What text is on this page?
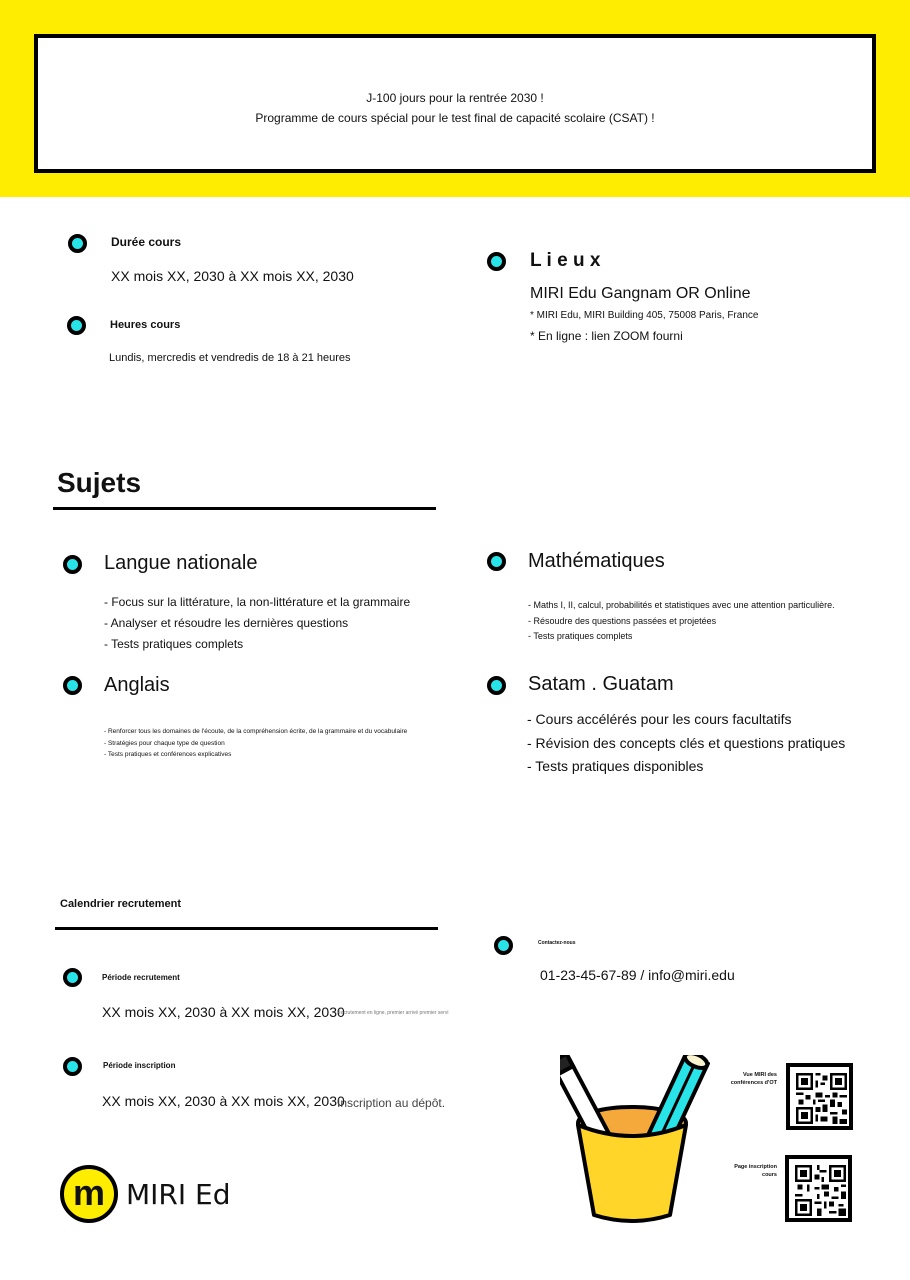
J-100 jours pour la rentrée 2030 !
Programme de cours spécial pour le test final de capacité scolaire (CSAT) !
Durée cours
XX mois XX, 2030 à XX mois XX, 2030
Heures cours
Lundis, mercredis et vendredis de 18 à 21 heures
L i e u x
MIRI Edu Gangnam OR Online
* MIRI Edu, MIRI Building 405, 75008 Paris, France
* En ligne : lien ZOOM fourni
Sujets
Langue nationale
- Focus sur la littérature, la non-littérature et la grammaire
- Analyser et résoudre les dernières questions
- Tests pratiques complets
Mathématiques
- Maths I, II, calcul, probabilités et statistiques avec une attention particulière.
- Résoudre des questions passées et projetées
- Tests pratiques complets
Anglais
- Renforcer tous les domaines de l'écoute, de la compréhension écrite, de la grammaire et du vocabulaire
- Stratégies pour chaque type de question
- Tests pratiques et conférences explicatives
Satam . Guatam
- Cours accélérés pour les cours facultatifs
- Révision des concepts clés et questions pratiques
- Tests pratiques disponibles
Calendrier recrutement
Période recrutement
XX mois XX, 2030 à XX mois XX, 2030
Recrutement en ligne, premier arrivé premier servi
Période inscription
XX mois XX, 2030 à XX mois XX, 2030
Inscription au dépôt.
Contactez-nous
01-23-45-67-89 / info@miri.edu
Vue MIRI des
conférences d'OT
Page inscription
cours
m MIRI Ed
